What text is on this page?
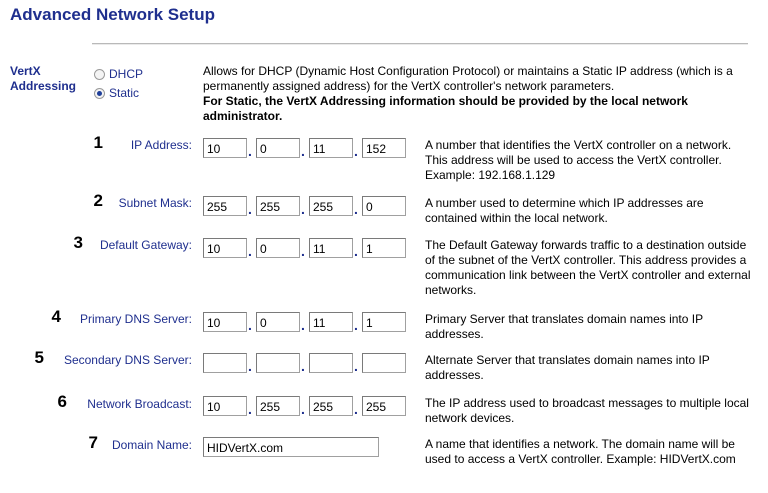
Advanced Network Setup
VertX Addressing
DHCP
Static
Allows for DHCP (Dynamic Host Configuration Protocol) or maintains a Static IP address (which is a permanently assigned address) for the VertX controller's network parameters.
For Static, the VertX Addressing information should be provided by the local network administrator.
1 IP Address:	10	. 0	. 11	. 152	A number that identifies the VertX controller on a network. This address will be used to access the VertX controller. Example: 192.168.1.129
2 Subnet Mask:	255	. 255	. 255	. 0	A number used to determine which IP addresses are contained within the local network.
3 Default Gateway:	10	. 0	. 11	. 1	The Default Gateway forwards traffic to a destination outside of the subnet of the VertX controller. This address provides a communication link between the VertX controller and external networks.
4 Primary DNS Server:	10	. 0	. 11	. 1	Primary Server that translates domain names into IP addresses.
5 Secondary DNS Server:	.	.	.	Alternate Server that translates domain names into IP addresses.
6 Network Broadcast:	10	. 255	. 255	. 255	The IP address used to broadcast messages to multiple local network devices.
7 Domain Name:	HIDVertX.com	A name that identifies a network. The domain name will be used to access a VertX controller. Example: HIDVertX.com
